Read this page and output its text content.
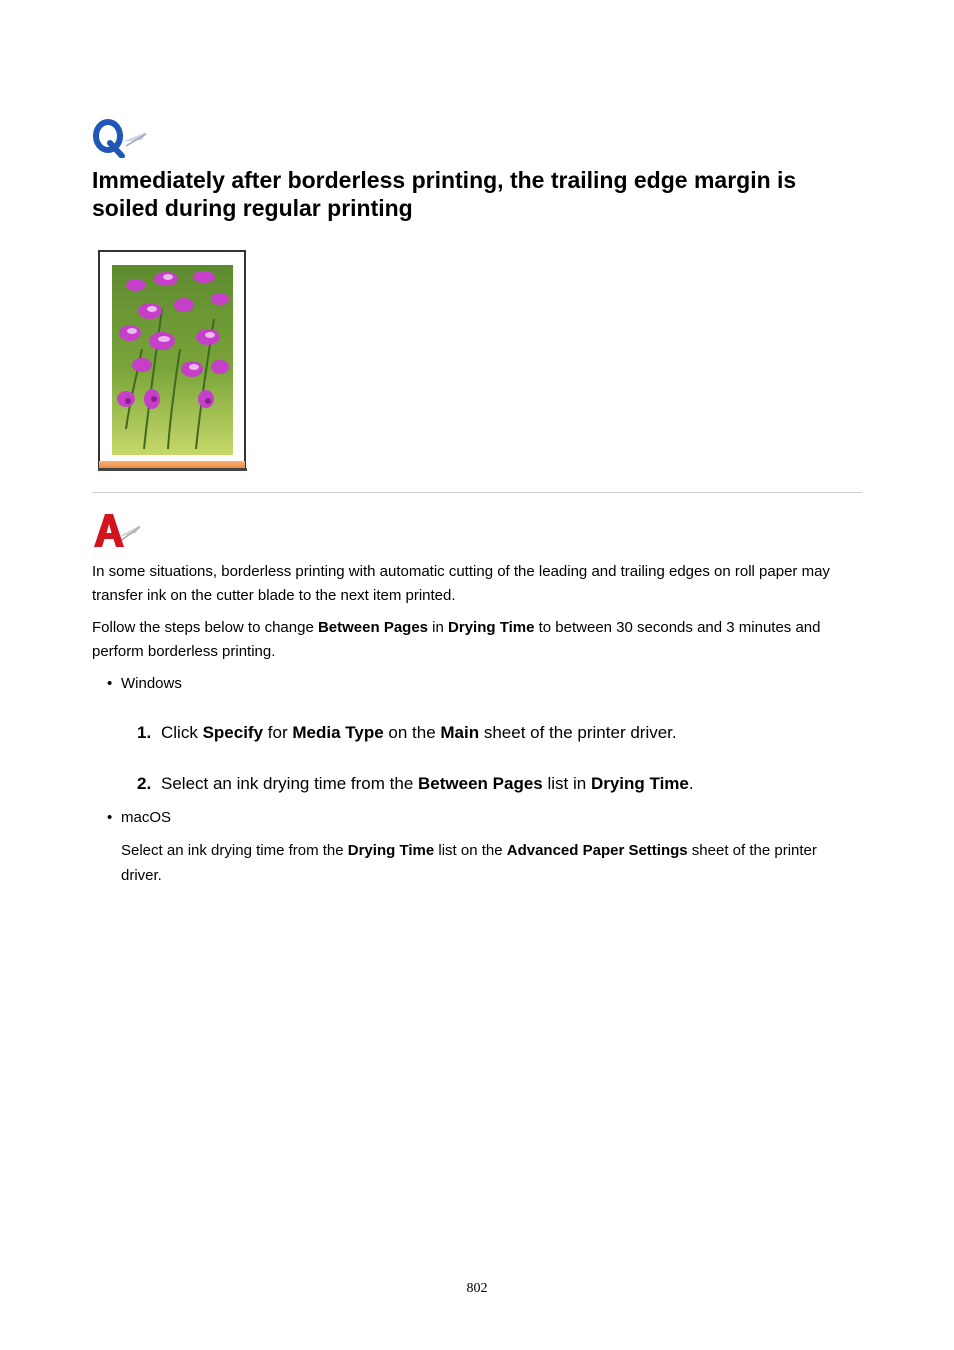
Immediately after borderless printing, the trailing edge margin is soiled during regular printing

In some situations, borderless printing with automatic cutting of the leading and trailing edges on roll paper may transfer ink on the cutter blade to the next item printed.

Follow the steps below to change Between Pages in Drying Time to between 30 seconds and 3 minutes and perform borderless printing.

• Windows
1. Click Specify for Media Type on the Main sheet of the printer driver.
2. Select an ink drying time from the Between Pages list in Drying Time.
• macOS

Select an ink drying time from the Drying Time list on the Advanced Paper Settings sheet of the printer driver.

802
